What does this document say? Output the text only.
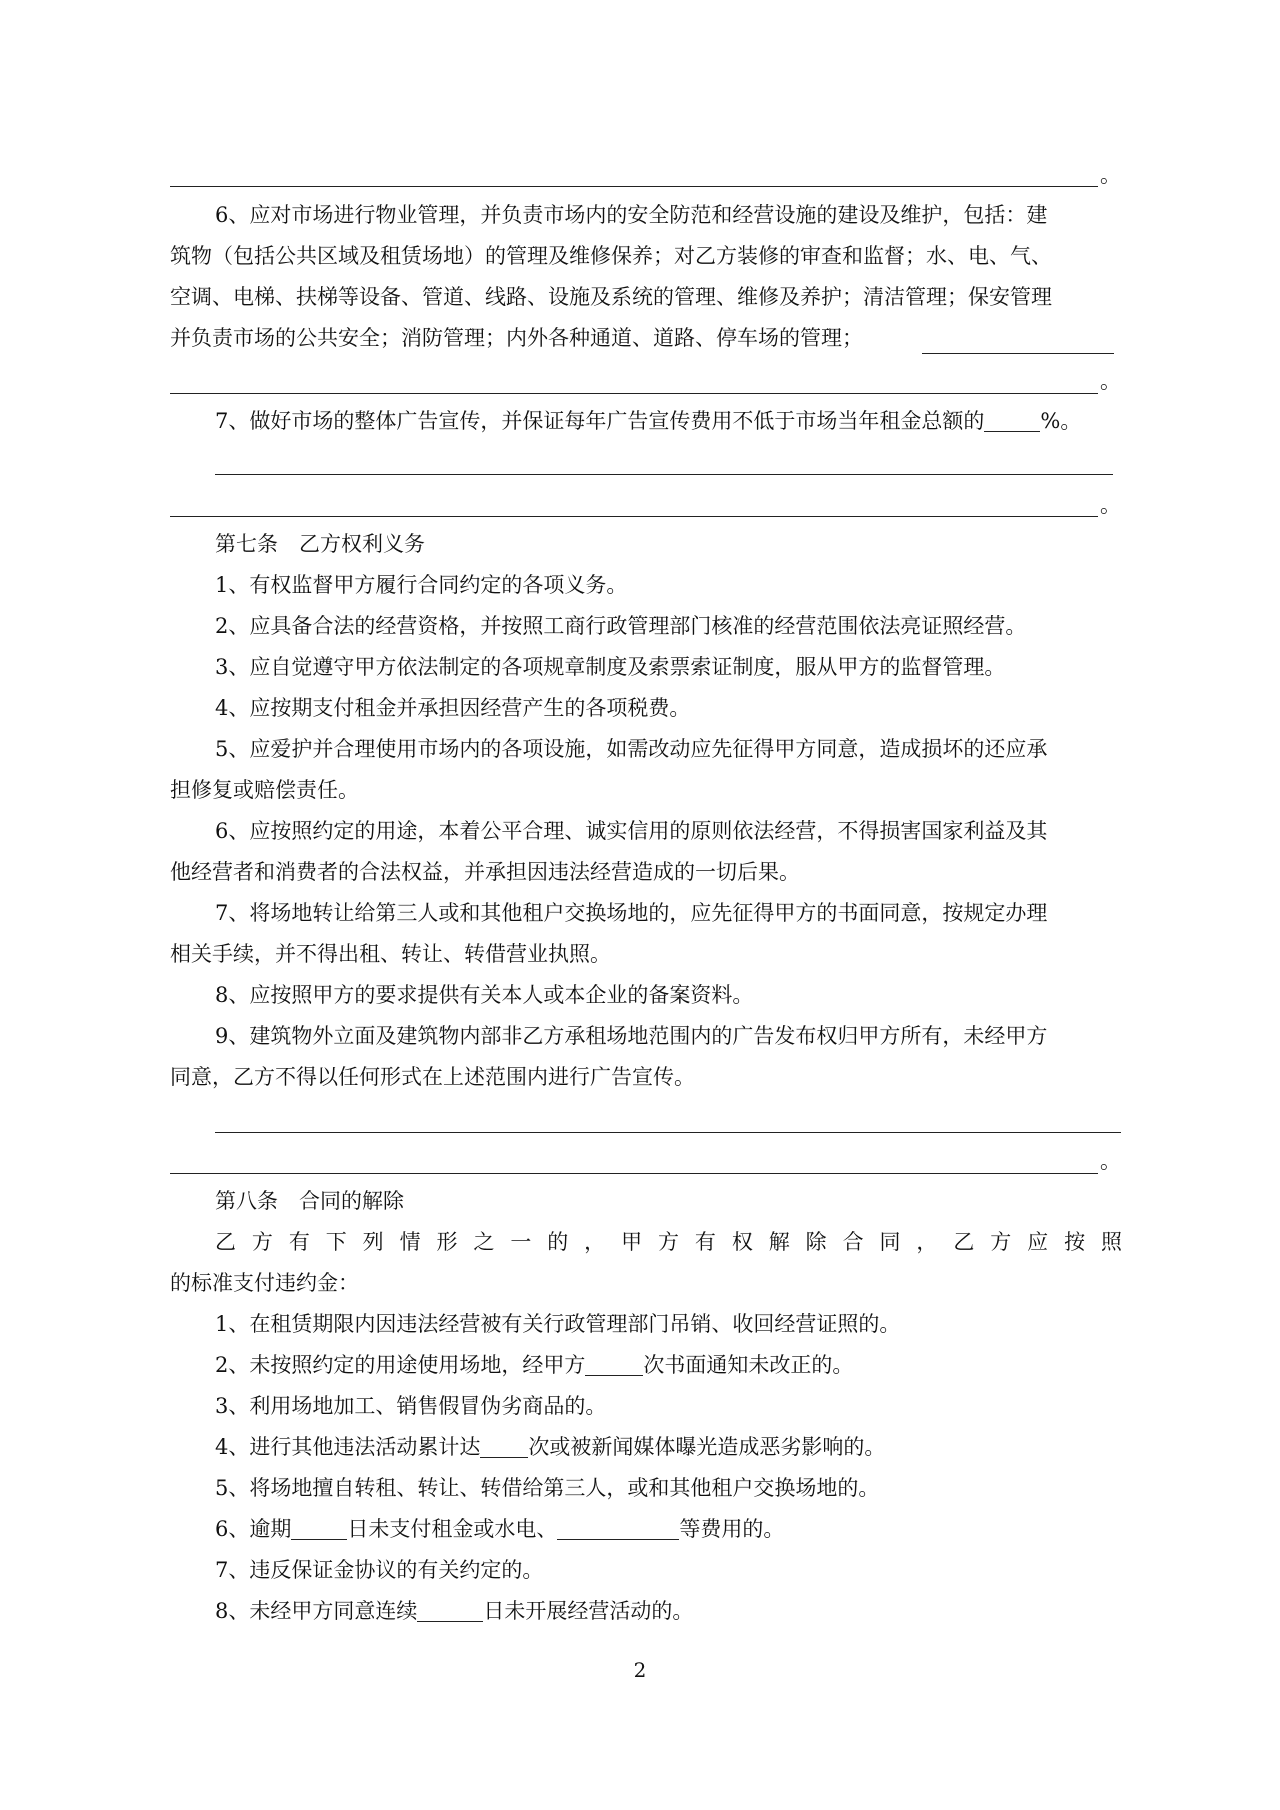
。
6、应对市场进行物业管理，并负责市场内的安全防范和经营设施的建设及维护，包括：建
筑物（包括公共区域及租赁场地）的管理及维修保养；对乙方装修的审查和监督；水、电、气、
空调、电梯、扶梯等设备、管道、线路、设施及系统的管理、维修及养护；清洁管理；保安管理
并负责市场的公共安全；消防管理；内外各种通道、道路、停车场的管理；
。
7、做好市场的整体广告宣传，并保证每年广告宣传费用不低于市场当年租金总额的	%。
。
第七条　乙方权利义务
1、有权监督甲方履行合同约定的各项义务。
2、应具备合法的经营资格，并按照工商行政管理部门核准的经营范围依法亮证照经营。
3、应自觉遵守甲方依法制定的各项规章制度及索票索证制度，服从甲方的监督管理。
4、应按期支付租金并承担因经营产生的各项税费。
5、应爱护并合理使用市场内的各项设施，如需改动应先征得甲方同意，造成损坏的还应承
担修复或赔偿责任。
6、应按照约定的用途，本着公平合理、诚实信用的原则依法经营，不得损害国家利益及其
他经营者和消费者的合法权益，并承担因违法经营造成的一切后果。
7、将场地转让给第三人或和其他租户交换场地的，应先征得甲方的书面同意，按规定办理
相关手续，并不得出租、转让、转借营业执照。
8、应按照甲方的要求提供有关本人或本企业的备案资料。
9、建筑物外立面及建筑物内部非乙方承租场地范围内的广告发布权归甲方所有，未经甲方
同意，乙方不得以任何形式在上述范围内进行广告宣传。
。
第八条　合同的解除
乙方有下列情形之一的，甲方有权解除合同，乙方应按照
的标准支付违约金：
1、在租赁期限内因违法经营被有关行政管理部门吊销、收回经营证照的。
2、未按照约定的用途使用场地，经甲方	次书面通知未改正的。
3、利用场地加工、销售假冒伪劣商品的。
4、进行其他违法活动累计达 次或被新闻媒体曝光造成恶劣影响的。
5、将场地擅自转租、转让、转借给第三人，或和其他租户交换场地的。
6、逾期	日未支付租金或水电、	等费用的。
7、违反保证金协议的有关约定的。
8、未经甲方同意连续	日未开展经营活动的。
2
